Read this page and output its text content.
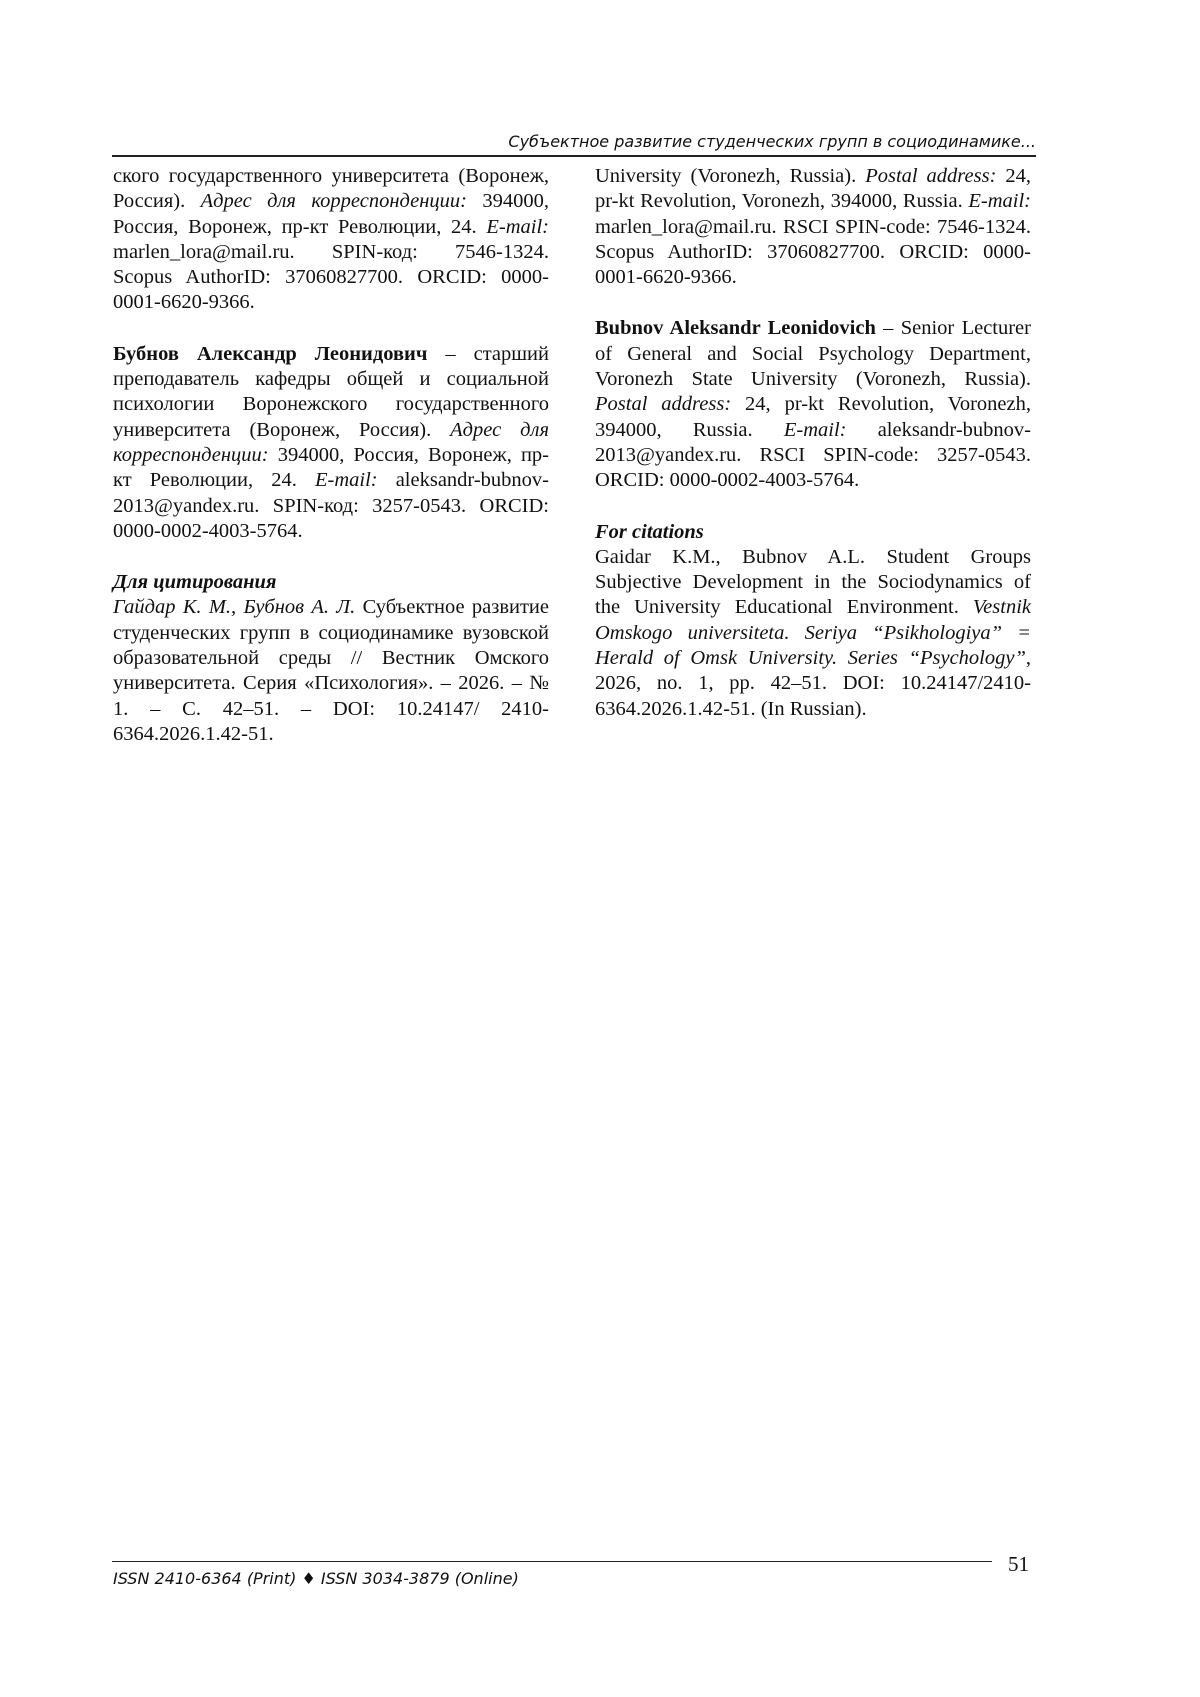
Субъектное развитие студенческих групп в социодинамике...

ского государственного университета (Воронеж, Россия). Адрес для корреспонденции: 394000, Россия, Воронеж, пр-кт Революции, 24. E-mail: marlen_lora@mail.ru. SPIN-код: 7546-1324. Scopus AuthorID: 37060827700. ORCID: 0000-0001-6620-9366.

Бубнов Александр Леонидович – старший преподаватель кафедры общей и социальной психологии Воронежского государственного университета (Воронеж, Россия). Адрес для корреспонденции: 394000, Россия, Воронеж, пр-кт Революции, 24. E-mail: aleksandr-bubnov-2013@yandex.ru. SPIN-код: 3257-0543. ORCID: 0000-0002-4003-5764.

Для цитирования

Гайдар К. М., Бубнов А. Л. Субъектное развитие студенческих групп в социодинамике вузовской образовательной среды // Вестник Омского университета. Серия «Психология». – 2026. – № 1. – С. 42–51. – DOI: 10.24147/ 2410-6364.2026.1.42-51.

University (Voronezh, Russia). Postal address: 24, pr-kt Revolution, Voronezh, 394000, Russia. E-mail: marlen_lora@mail.ru. RSCI SPIN-code: 7546-1324. Scopus AuthorID: 37060827700. ORCID: 0000-0001-6620-9366.

Bubnov Aleksandr Leonidovich – Senior Lecturer of General and Social Psychology Department, Voronezh State University (Voronezh, Russia). Postal address: 24, pr-kt Revolution, Voronezh, 394000, Russia. E-mail: aleksandr-bubnov-2013@yandex.ru. RSCI SPIN-code: 3257-0543. ORCID: 0000-0002-4003-5764.

For citations

Gaidar K.M., Bubnov A.L. Student Groups Subjective Development in the Sociodynamics of the University Educational Environment. Vestnik Omskogo universiteta. Seriya “Psikhologiya” = Herald of Omsk University. Series “Psychology”, 2026, no. 1, pp. 42–51. DOI: 10.24147/2410-6364.2026.1.42-51. (In Russian).

ISSN 2410-6364 (Print) ♦ ISSN 3034-3879 (Online)
51
